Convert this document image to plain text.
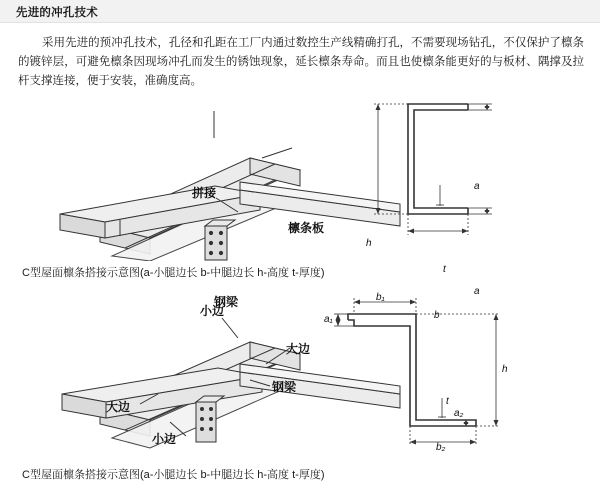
先进的冲孔技术
采用先进的预冲孔技术，孔径和孔距在工厂内通过数控生产线精确打孔，不需要现场钻孔，不仅保护了檩条的镀锌层，可避免檩条因现场冲孔而发生的锈蚀现象，延长檩条寿命。而且也使檩条能更好的与板材、隅撑及拉杆支撑连接，便于安装，准确度高。
拼接
檩条板
钢梁
a
a
h
b
t
C型屋面檩条搭接示意图(a-小腿边长 b-中腿边长 h-高度 t-厚度)
小边
大边
钢梁
大边
小边
b₁
a₁
h
t
a₂
b₂
C型屋面檩条搭接示意图(a-小腿边长 b-中腿边长 h-高度 t-厚度)
